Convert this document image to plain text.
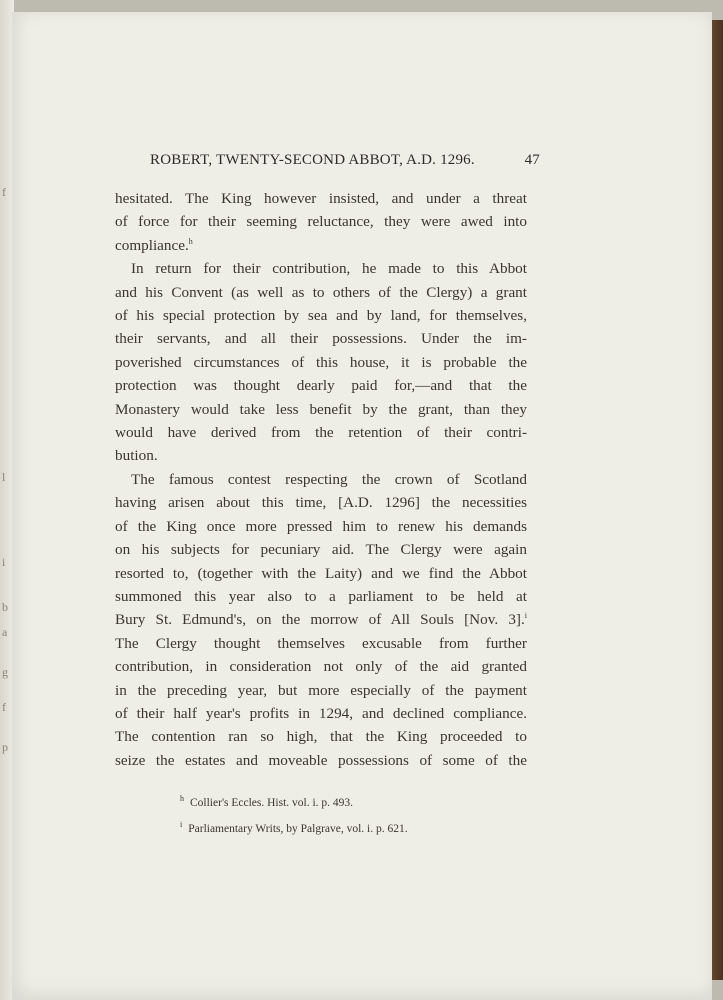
f
l
i
b
a
g
f
p
ROBERT, TWENTY-SECOND ABBOT, A.D. 1296.	47
hesitated. The King however insisted, and under a threat
of force for their seeming reluctance, they were awed into
compliance.$^h$
In return for their contribution, he made to this Abbot
and his Convent (as well as to others of the Clergy) a grant
of his special protection by sea and by land, for themselves,
their servants, and all their possessions. Under the im-
poverished circumstances of this house, it is probable the
protection was thought dearly paid for,—and that the
Monastery would take less benefit by the grant, than they
would have derived from the retention of their contri-
bution.
The famous contest respecting the crown of Scotland
having arisen about this time, [A.D. 1296] the necessities
of the King once more pressed him to renew his demands
on his subjects for pecuniary aid. The Clergy were again
resorted to, (together with the Laity) and we find the Abbot
summoned this year also to a parliament to be held at
Bury St. Edmund's, on the morrow of All Souls [Nov. 3].$^i$
The Clergy thought themselves excusable from further
contribution, in consideration not only of the aid granted
in the preceding year, but more especially of the payment
of their half year's profits in 1294, and declined compliance.
The contention ran so high, that the King proceeded to
seize the estates and moveable possessions of some of the
$^h$ Collier's Eccles. Hist. vol. i. p. 493.
$^i$ Parliamentary Writs, by Palgrave, vol. i. p. 621.
